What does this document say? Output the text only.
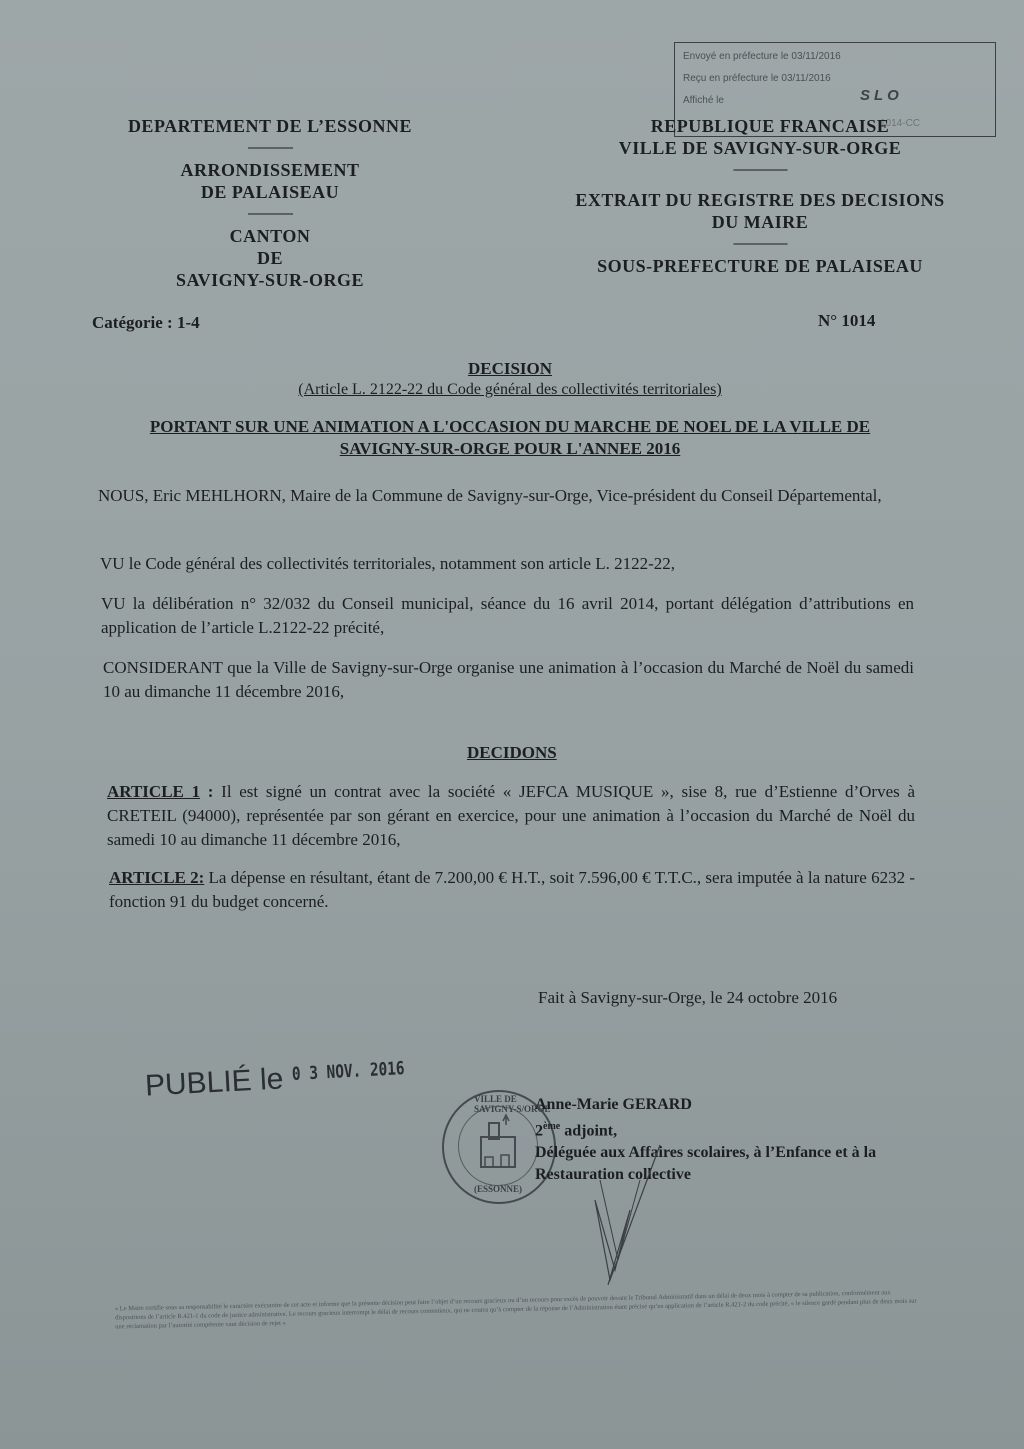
Envoyé en préfecture le 03/11/2016
Reçu en préfecture le 03/11/2016
Affiché le	SLO
1014-CC
DEPARTEMENT DE L’ESSONNE
---------------
ARRONDISSEMENT
DE PALAISEAU
---------------
CANTON
DE
SAVIGNY-SUR-ORGE
Catégorie : 1-4
REPUBLIQUE FRANCAISE
VILLE DE SAVIGNY-SUR-ORGE
------------------
EXTRAIT DU REGISTRE DES DECISIONS
DU MAIRE
------------------
SOUS-PREFECTURE DE PALAISEAU
N° 1014
DECISION
(Article L. 2122-22 du Code général des collectivités territoriales)
PORTANT SUR UNE ANIMATION A L'OCCASION DU MARCHE DE NOEL DE LA VILLE DE
SAVIGNY-SUR-ORGE POUR L'ANNEE 2016
NOUS, Eric MEHLHORN, Maire de la Commune de Savigny-sur-Orge, Vice-président du Conseil Départemental,
VU le Code général des collectivités territoriales, notamment son article L. 2122-22,
VU la délibération n° 32/032 du Conseil municipal, séance du 16 avril 2014, portant délégation d’attributions en application de l’article L.2122-22 précité,
CONSIDERANT que la Ville de Savigny-sur-Orge organise une animation à l’occasion du Marché de Noël du samedi 10 au dimanche 11 décembre 2016,
DECIDONS
ARTICLE 1 : Il est signé un contrat avec la société « JEFCA MUSIQUE », sise 8, rue d’Estienne d’Orves à CRETEIL (94000), représentée par son gérant en exercice, pour une animation à l’occasion du Marché de Noël du samedi 10 au dimanche 11 décembre 2016,
ARTICLE 2: La dépense en résultant, étant de 7.200,00 € H.T., soit 7.596,00 € T.T.C., sera imputée à la nature 6232 - fonction 91 du budget concerné.
Fait à Savigny-sur-Orge, le 24 octobre 2016
PUBLIÉ le 0 3 NOV. 2016
VILLE DE SAVIGNY-S/ORGE
(ESSONNE)
Anne-Marie GERARD
2ème adjoint,
Déléguée aux Affaires scolaires, à l’Enfance et à la
Restauration collective
« Le Maire certifie sous sa responsabilité le caractère exécutoire de cet acte et informe que la présente décision peut faire l’objet d’un recours gracieux ou d’un recours pour excès de pouvoir devant le Tribunal Administratif dans un délai de deux mois à compter de sa publication, conformément aux dispositions de l’article R.421-1 du code de justice administrative. Le recours gracieux interrompt le délai de recours contentieux, qui ne courra qu’à compter de la réponse de l’Administration étant précisé qu’en application de l’article R.421-2 du code précité, « le silence gardé pendant plus de deux mois sur une réclamation par l’autorité compétente vaut décision de rejet »
